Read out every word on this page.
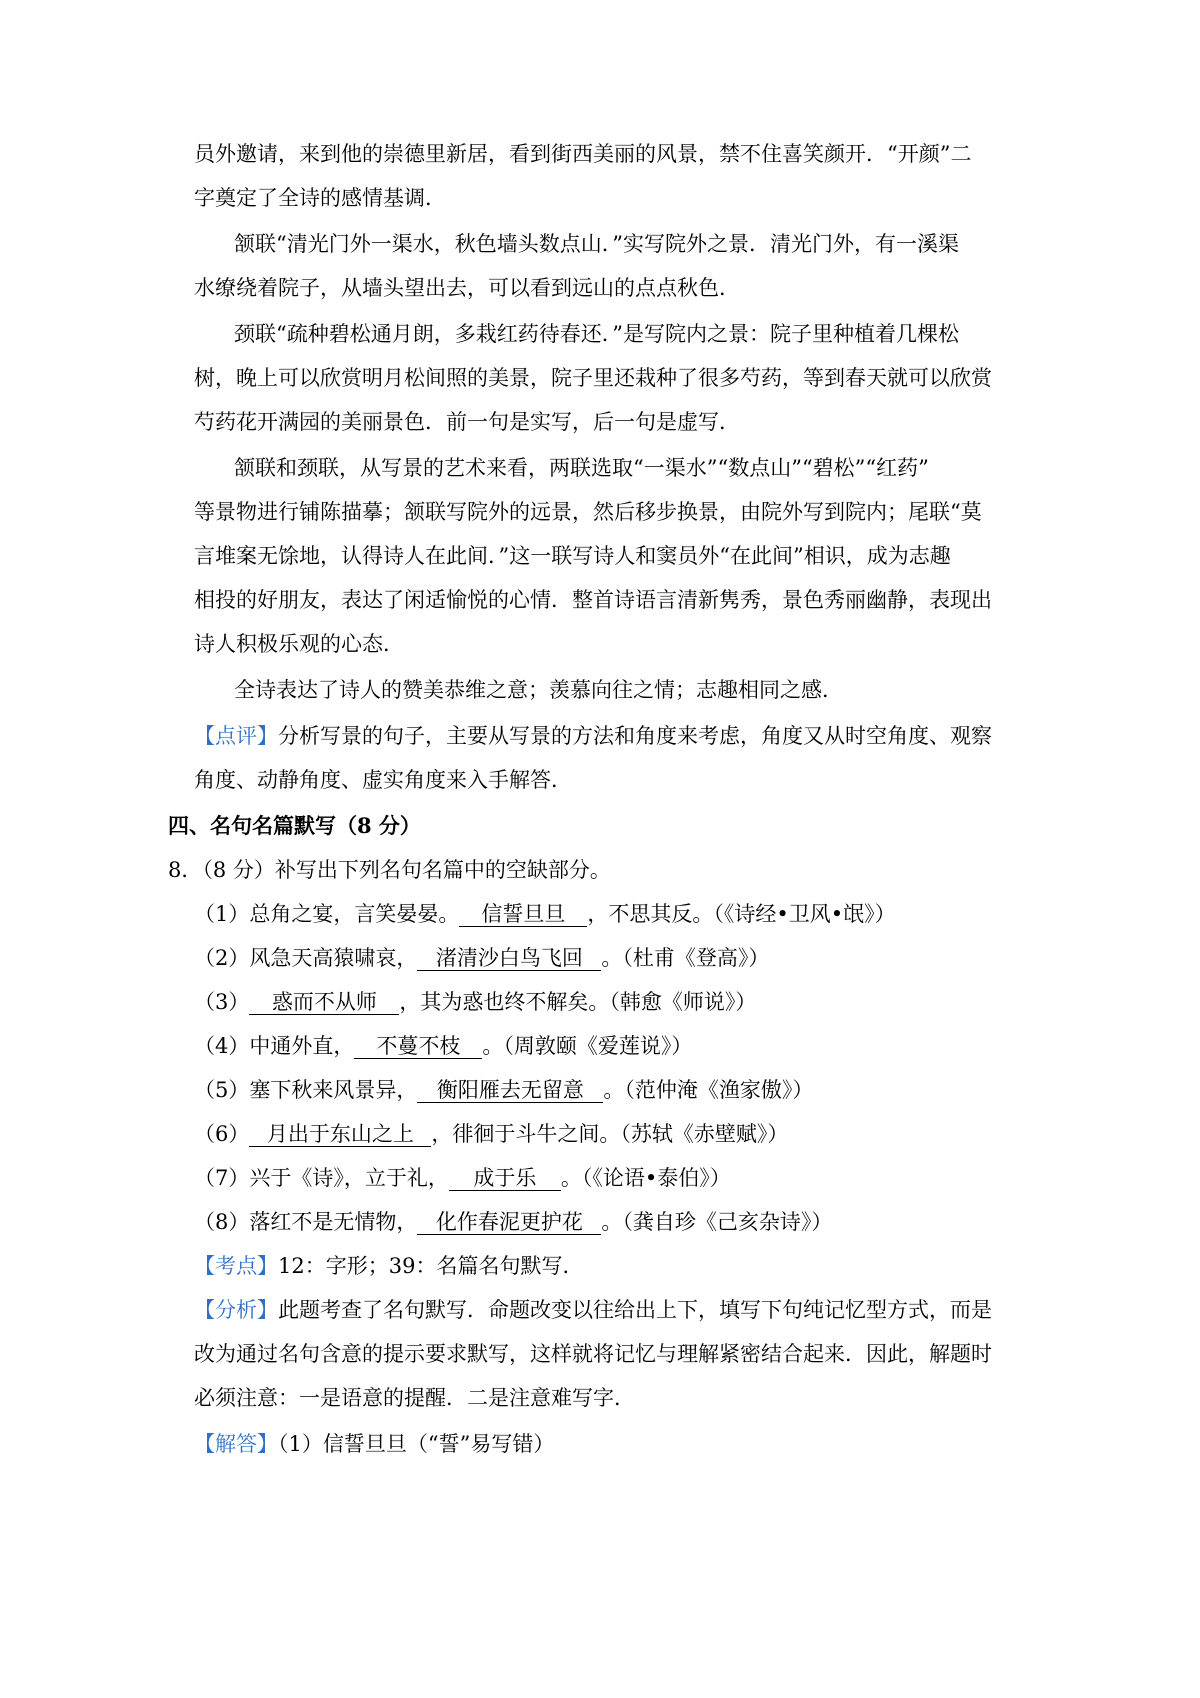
员外邀请，来到他的崇德里新居，看到街西美丽的风景，禁不住喜笑颜开．“开颜”二
字奠定了全诗的感情基调．
颔联“清光门外一渠水，秋色墙头数点山．”实写院外之景．清光门外，有一溪渠
水缭绕着院子，从墙头望出去，可以看到远山的点点秋色．
颈联“疏种碧松通月朗，多栽红药待春还．”是写院内之景：院子里种植着几棵松
树，晚上可以欣赏明月松间照的美景，院子里还栽种了很多芍药，等到春天就可以欣赏
芍药花开满园的美丽景色．前一句是实写，后一句是虚写．
颔联和颈联，从写景的艺术来看，两联选取“一渠水”“数点山”“碧松”“红药”
等景物进行铺陈描摹；颔联写院外的远景，然后移步换景，由院外写到院内；尾联“莫
言堆案无馀地，认得诗人在此间．”这一联写诗人和窦员外“在此间”相识，成为志趣
相投的好朋友，表达了闲适愉悦的心情．整首诗语言清新隽秀，景色秀丽幽静，表现出
诗人积极乐观的心态．
全诗表达了诗人的赞美恭维之意；羡慕向往之情；志趣相同之感．
【点评】分析写景的句子，主要从写景的方法和角度来考虑，角度又从时空角度、观察
角度、动静角度、虚实角度来入手解答．
四、名句名篇默写（8 分）
8．（8 分）补写出下列名句名篇中的空缺部分。
（1）总角之宴，言笑晏晏。 信誓旦旦 ，不思其反。（《诗经•卫风•氓》）
（2）风急天高猿啸哀， 渚清沙白鸟飞回 。（杜甫《登高》）
（3） 惑而不从师 ，其为惑也终不解矣。（韩愈《师说》）
（4）中通外直， 不蔓不枝 。（周敦颐《爱莲说》）
（5）塞下秋来风景异， 衡阳雁去无留意 。（范仲淹《渔家傲》）
（6） 月出于东山之上 ，徘徊于斗牛之间。（苏轼《赤壁赋》）
（7）兴于《诗》，立于礼， 成于乐 。（《论语•泰伯》）
（8）落红不是无情物， 化作春泥更护花 。（龚自珍《己亥杂诗》）
【考点】12：字形；39：名篇名句默写．
【分析】此题考查了名句默写．命题改变以往给出上下，填写下句纯记忆型方式，而是
改为通过名句含意的提示要求默写，这样就将记忆与理解紧密结合起来．因此，解题时
必须注意：一是语意的提醒．二是注意难写字．
【解答】（1）信誓旦旦（“誓”易写错）
